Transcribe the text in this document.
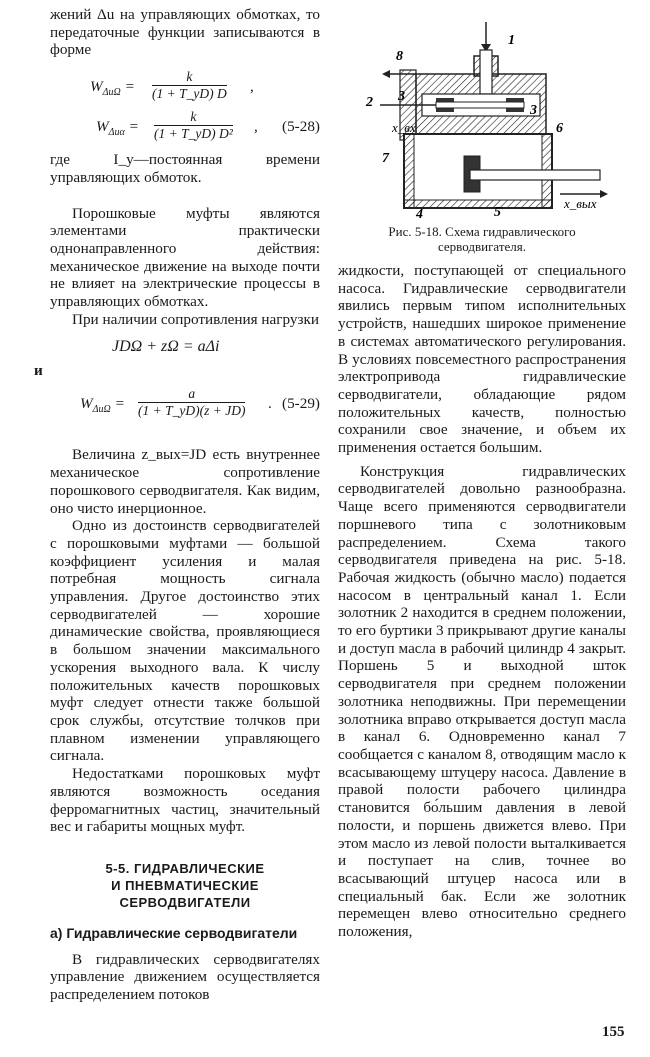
жений Δu на управляющих обмотках, то передаточные функции записываются в форме

$W_{\Delta u\Omega} = \frac{k}{(1 + T\_yD) D}$ ,
$W_{\Delta u\alpha} = \frac{k}{\text{(1 + T\_yD) D²}}$ , (5-28)

где I_y—постоянная времени управляющих обмоток.

Порошковые муфты являются элементами практически однонаправленного действия: механическое движение на выходе почти не влияет на электрические процессы в управляющих обмотках.

При наличии сопротивления нагрузки

JDΩ + zΩ = aΔi
и
$W_{\Delta u\Omega} = \frac{a}{(1 + T\_yD)(z + JD)}$ . (5-29)

Величина z_вых=JD есть внутреннее механическое сопротивление порошкового серводвигателя. Как видим, оно чисто инерционное.

Одно из достоинств серводвигателей с порошковыми муфтами — большой коэффициент усиления и малая потребная мощность сигнала управления. Другое достоинство этих серводвигателей — хорошие динамические свойства, проявляющиеся в большом значении максимального ускорения выходного вала. К числу положительных качеств порошковых муфт следует отнести также большой срок службы, отсутствие толчков при плавном изменении управляющего сигнала.

Недостатками порошковых муфт являются возможность оседания ферромагнитных частиц, значительный вес и габариты мощных муфт.

5-5. ГИДРАВЛИЧЕСКИЕ
И ПНЕВМАТИЧЕСКИЕ
СЕРВОДВИГАТЕЛИ
а) Гидравлические серводвигатели

В гидравлических серводвигателях управление движением осуществляется распределением потоков

1
2 3
3
4	5
6
7
8
x_вх
x_вых
Рис. 5-18. Схема гидравлического
серводвигателя.

жидкости, поступающей от специального насоса. Гидравлические серводвигатели явились первым типом исполнительных устройств, нашедших широкое применение в системах автоматического регулирования. В условиях повсеместного распространения электропривода гидравлические серводвигатели, обладающие рядом положительных качеств, полностью сохранили свое значение, и объем их применения остается большим.

Конструкция гидравлических серводвигателей довольно разнообразна. Чаще всего применяются серводвигатели поршневого типа с золотниковым распределением. Схема такого серводвигателя приведена на рис. 5-18. Рабочая жидкость (обычно масло) подается насосом в центральный канал 1. Если золотник 2 находится в среднем положении, то его буртики 3 прикрывают другие каналы и доступ масла в рабочий цилиндр 4 закрыт. Поршень 5 и выходной шток серводвигателя при среднем положении золотника неподвижны. При перемещении золотника вправо открывается доступ масла в канал 6. Одновременно канал 7 сообщается с каналом 8, отводящим масло к всасывающему штуцеру насоса. Давление в правой полости рабочего цилиндра становится бо́льшим давления в левой полости, и поршень движется влево. При этом масло из левой полости выталкивается и поступает на слив, точнее во всасывающий штуцер насоса или в специальный бак. Если же золотник перемещен влево относительно среднего положения,

155
